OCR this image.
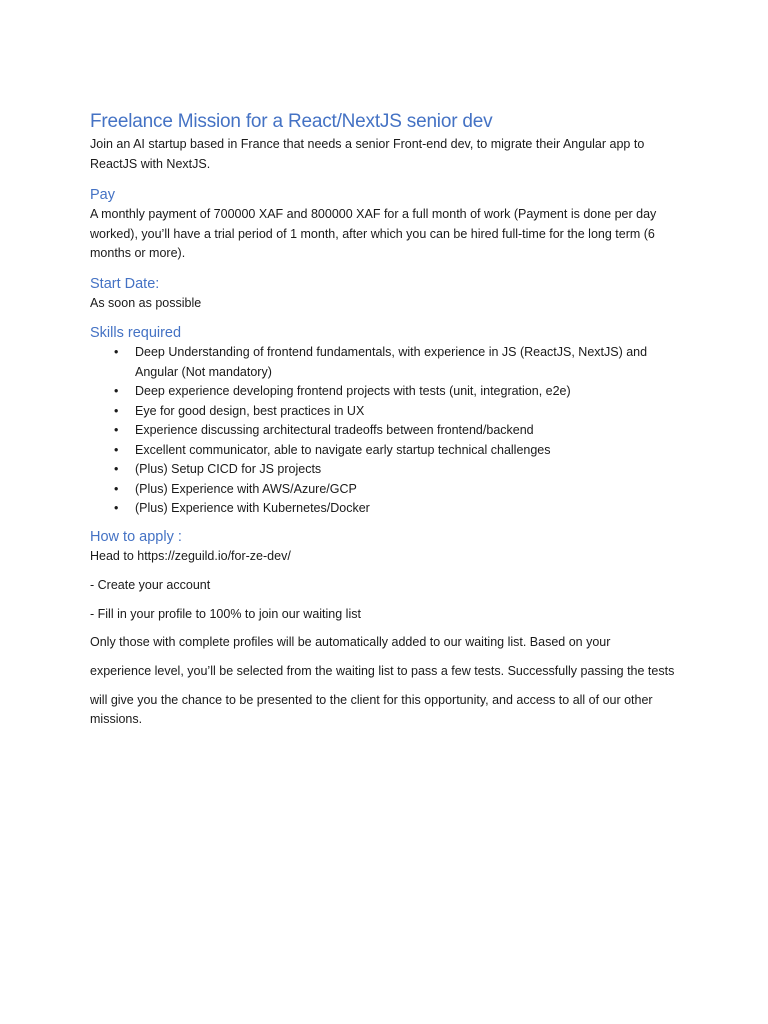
Freelance Mission for a React/NextJS senior dev

Join an AI startup based in France that needs a senior Front-end dev, to migrate their Angular app to ReactJS with NextJS.

Pay

A monthly payment of 700000 XAF and 800000 XAF for a full month of work (Payment is done per day worked), you’ll have a trial period of 1 month, after which you can be hired full-time for the long term (6 months or more).

Start Date:

As soon as possible

Skills required
• Deep Understanding of frontend fundamentals, with experience in JS (ReactJS, NextJS) and Angular (Not mandatory)
• Deep experience developing frontend projects with tests (unit, integration, e2e)
• Eye for good design, best practices in UX
• Experience discussing architectural tradeoffs between frontend/backend
• Excellent communicator, able to navigate early startup technical challenges
• (Plus) Setup CICD for JS projects
• (Plus) Experience with AWS/Azure/GCP
• (Plus) Experience with Kubernetes/Docker
How to apply :

Head to https://zeguild.io/for-ze-dev/

- Create your account

- Fill in your profile to 100% to join our waiting list

Only those with complete profiles will be automatically added to our waiting list. Based on your
experience level, you’ll be selected from the waiting list to pass a few tests. Successfully passing the tests
will give you the chance to be presented to the client for this opportunity, and access to all of our other
missions.
